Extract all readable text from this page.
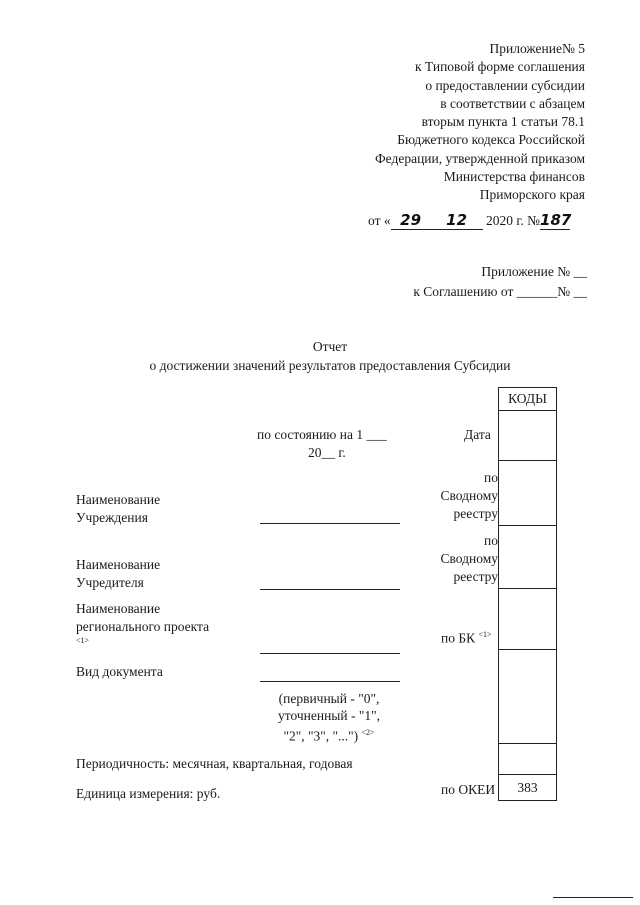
Приложение№ 5
к Типовой форме соглашения
о предоставлении субсидии
в соответствии с абзацем
вторым пункта 1 статьи 78.1
Бюджетного кодекса Российской
Федерации, утвержденной приказом
Министерства финансов
Приморского края
от « 29 12 2020 г. №187
Приложение № __
к Соглашению от ______№ __
Отчет
о достижении значений результатов предоставления Субсидии
КОДЫ
383
по состоянию на 1 ___
20__ г.
Дата
Наименование
Учреждения
по
Сводному
реестру
Наименование
Учредителя
по
Сводному
реестру
Наименование
регионального проекта
<1>	по БК $^{<1>}$
Вид документа
(первичный - "0",
уточненный - "1",
"2", "3", "...") $^{<2>}$
Периодичность: месячная, квартальная, годовая
Единица измерения: руб.	по ОКЕИ
